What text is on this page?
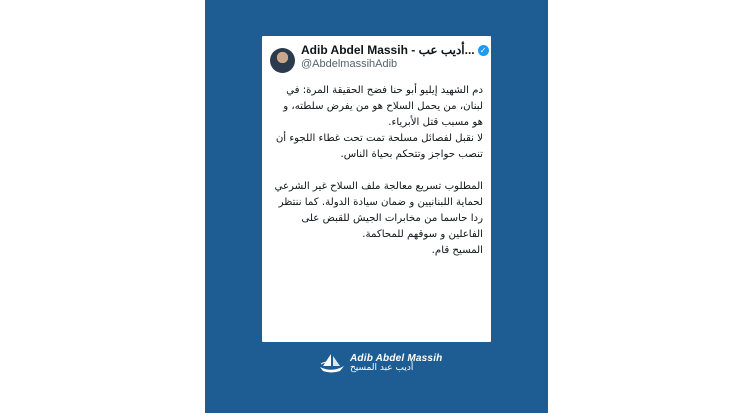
Adib Abdel Massih - أديب عب... ✓
@AbdelmassihAdib

دم الشهيد إيليو أبو حنا فضح الحقيقة المرة: في لبنان، من يحمل السلاح هو من يفرض سلطته، و هو مسبب قتل الأبرياء.

لا نقبل لفصائل مسلحة تمت تحت غطاء اللجوء أن تنصب حواجز وتتحكم بحياة الناس.

المطلوب تسريع معالجة ملف السلاح غير الشرعي لحماية اللبنانيين و ضمان سيادة الدولة. كما ننتظر ردا حاسما من مخابرات الجيش للقبض على الفاعلين و سوقهم للمحاكمة.

المسيح قام.

Adib Abdel Massih
أديب عبد المسيح
